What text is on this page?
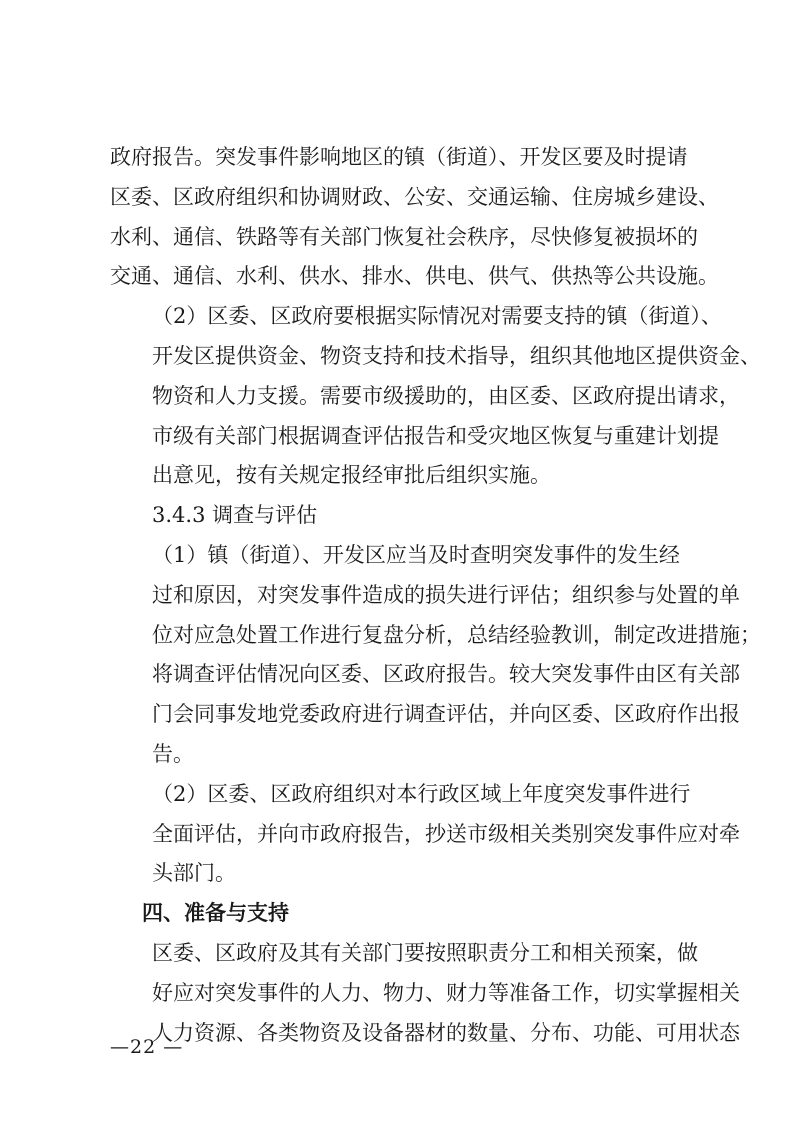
政府报告。突发事件影响地区的镇（街道）、开发区要及时提请
区委、区政府组织和协调财政、公安、交通运输、住房城乡建设、
水利、通信、铁路等有关部门恢复社会秩序，尽快修复被损坏的
交通、通信、水利、供水、排水、供电、供气、供热等公共设施。

（2）区委、区政府要根据实际情况对需要支持的镇（街道）、
开发区提供资金、物资支持和技术指导，组织其他地区提供资金、
物资和人力支援。需要市级援助的，由区委、区政府提出请求，
市级有关部门根据调查评估报告和受灾地区恢复与重建计划提
出意见，按有关规定报经审批后组织实施。

3.4.3 调查与评估

（1）镇（街道）、开发区应当及时查明突发事件的发生经
过和原因，对突发事件造成的损失进行评估；组织参与处置的单
位对应急处置工作进行复盘分析，总结经验教训，制定改进措施；
将调查评估情况向区委、区政府报告。较大突发事件由区有关部
门会同事发地党委政府进行调查评估，并向区委、区政府作出报
告。

（2）区委、区政府组织对本行政区域上年度突发事件进行
全面评估，并向市政府报告，抄送市级相关类别突发事件应对牵
头部门。

四、准备与支持

区委、区政府及其有关部门要按照职责分工和相关预案，做
好应对突发事件的人力、物力、财力等准备工作，切实掌握相关
人力资源、各类物资及设备器材的数量、分布、功能、可用状态

—22 —
